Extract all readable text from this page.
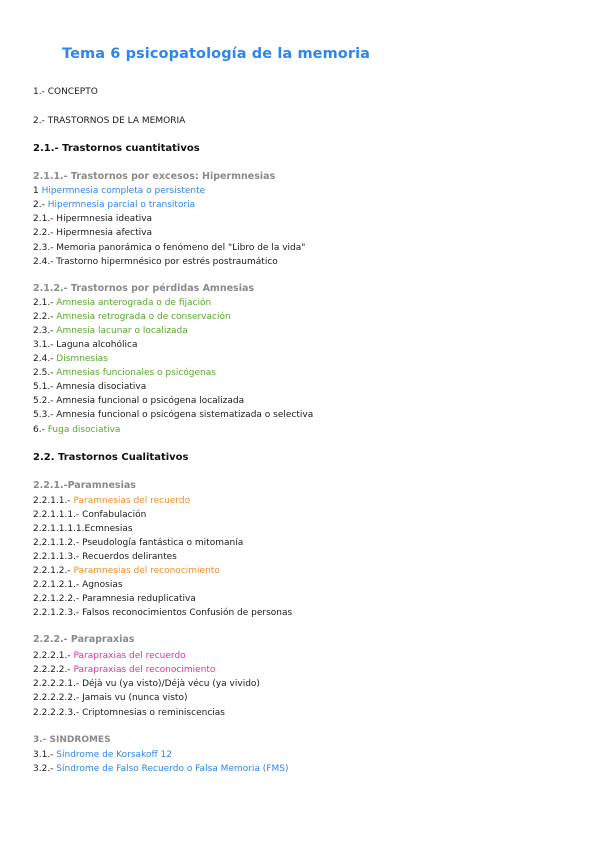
Tema 6 psicopatología de la memoria
1.- CONCEPTO
2.- TRASTORNOS DE LA MEMORIA
2.1.- Trastornos cuantitativos
2.1.1.- Trastornos por excesos: Hipermnesias
1 Hipermnesia completa o persistente
2.- Hipermnesia parcial o transitoria
2.1.- Hipermnesia ideativa
2.2.- Hipermnesia afectiva
2.3.- Memoria panorámica o fenómeno del "Libro de la vida"
2.4.- Trastorno hipermnésico por estrés postraumático
2.1.2.- Trastornos por pérdidas Amnesias
2.1.- Amnesia anterograda o de fijación
2.2.- Amnesia retrograda o de conservación
2.3.- Amnesia lacunar o localizada
3.1.- Laguna alcohólica
2.4.- Dismnesias
2.5.- Amnesias funcionales o psicógenas
5.1.- Amnesia disociativa
5.2.- Amnesia funcional o psicógena localizada
5.3.- Amnesia funcional o psicógena sistematizada o selectiva
6.- Fuga disociativa
2.2. Trastornos Cualitativos
2.2.1.-Paramnesias
2.2.1.1.- Paramnesias del recuerdo
2.2.1.1.1.- Confabulación
2.2.1.1.1.1.Ecmnesias
2.2.1.1.2.- Pseudología fantástica o mitomanía
2.2.1.1.3.- Recuerdos delirantes
2.2.1.2.- Paramnesias del reconocimiento
2.2.1.2.1.- Agnosias
2.2.1.2.2.- Paramnesia reduplicativa
2.2.1.2.3.- Falsos reconocimientos Confusión de personas
2.2.2.- Parapraxias
2.2.2.1.- Parapraxias del recuerdo
2.2.2.2.- Parapraxias del reconocimiento
2.2.2.2.1.- Déjà vu (ya visto)/Déjà vécu (ya vivido)
2.2.2.2.2.- Jamais vu (nunca visto)
2.2.2.2.3.- Criptomnesias o reminiscencias
3.- SINDROMES
3.1.- Síndrome de Korsakoff 12
3.2.- Síndrome de Falso Recuerdo o Falsa Memoria (FMS)
